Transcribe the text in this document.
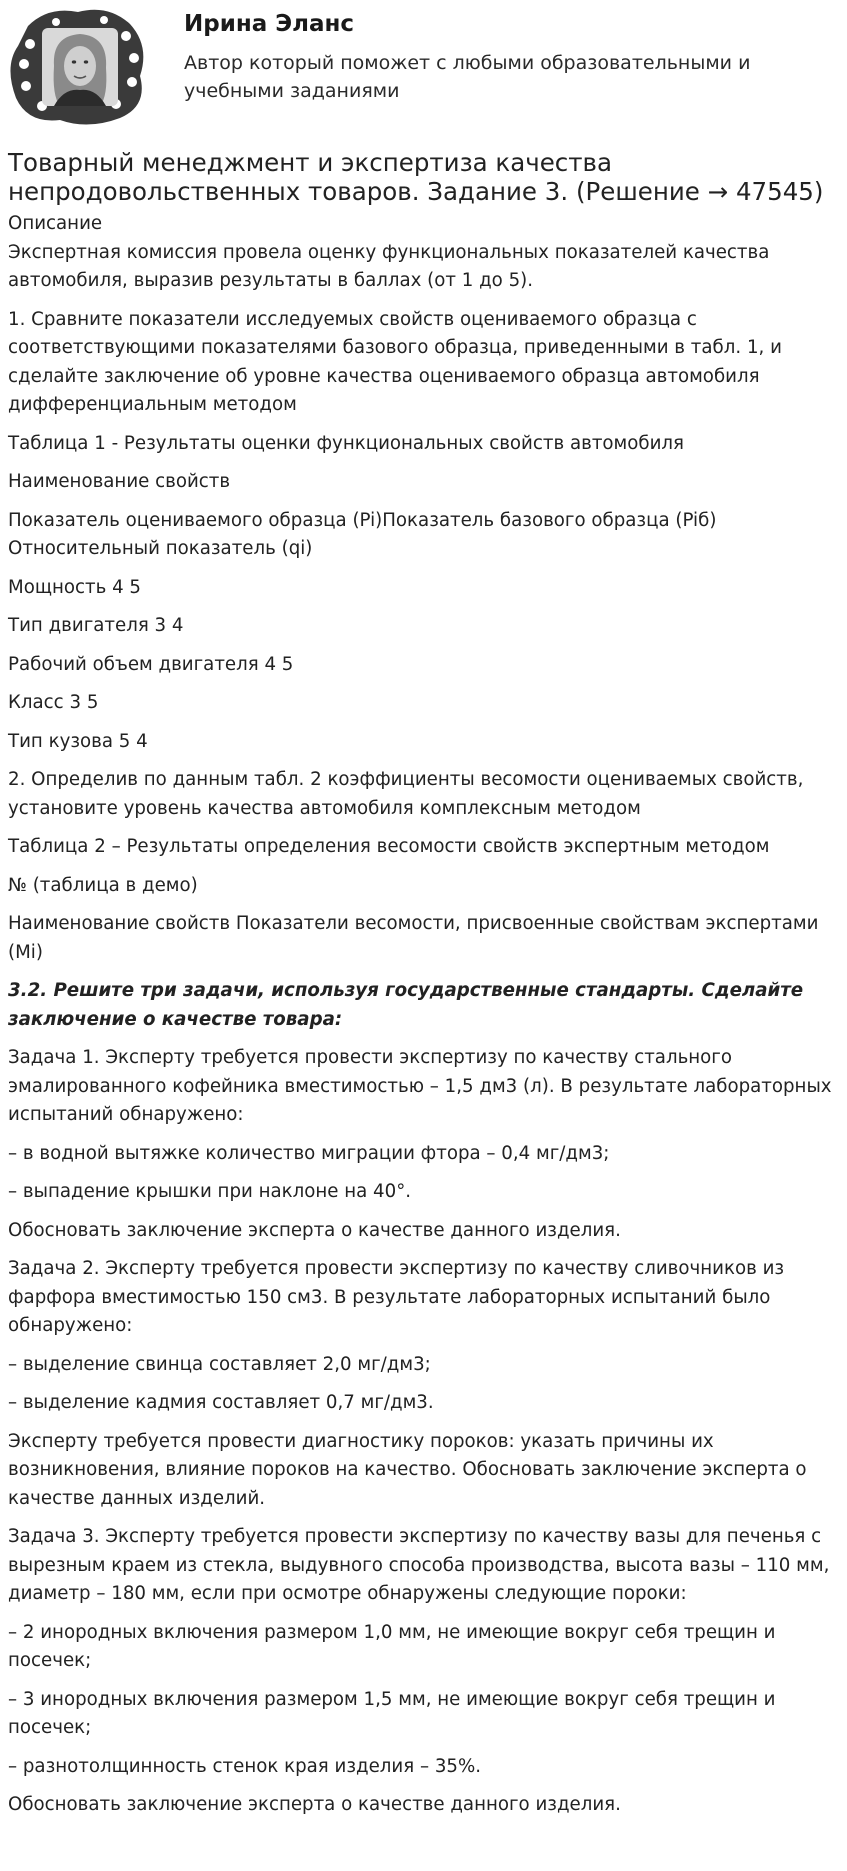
Ирина Эланс
Автор который поможет с любыми образовательными и учебными заданиями
Товарный менеджмент и экспертиза качества непродовольственных товаров. Задание 3. (Решение → 47545)
Описание
Экспертная комиссия провела оценку функциональных показателей качества автомобиля, выразив результаты в баллах (от 1 до 5).
1. Сравните показатели исследуемых свойств оцениваемого образца с соответствующими показателями базового образца, приведенными в табл. 1, и сделайте заключение об уровне качества оцениваемого образца автомобиля дифференциальным методом
Таблица 1 - Результаты оценки функциональных свойств автомобиля
Наименование свойств
Показатель оцениваемого образца (Pi)Показатель базового образца (Piб) Относительный показатель (qi)
Мощность 4 5
Тип двигателя 3 4
Рабочий объем двигателя 4 5
Класс 3 5
Тип кузова 5 4
2. Определив по данным табл. 2 коэффициенты весомости оцениваемых свойств, установите уровень качества автомобиля комплексным методом
Таблица 2 – Результаты определения весомости свойств экспертным методом
№ (таблица в демо)
Наименование свойств Показатели весомости, присвоенные свойствам экспертами (Mi)
3.2. Решите три задачи, используя государственные стандарты. Сделайте заключение о качестве товара:
Задача 1. Эксперту требуется провести экспертизу по качеству стального эмалированного кофейника вместимостью – 1,5 дм3 (л). В результате лабораторных испытаний обнаружено:
– в водной вытяжке количество миграции фтора – 0,4 мг/дм3;
– выпадение крышки при наклоне на 40°.
Обосновать заключение эксперта о качестве данного изделия.
Задача 2. Эксперту требуется провести экспертизу по качеству сливочников из фарфора вместимостью 150 см3. В результате лабораторных испытаний было обнаружено:
– выделение свинца составляет 2,0 мг/дм3;
– выделение кадмия составляет 0,7 мг/дм3.
Эксперту требуется провести диагностику пороков: указать причины их возникновения, влияние пороков на качество. Обосновать заключение эксперта о качестве данных изделий.
Задача 3. Эксперту требуется провести экспертизу по качеству вазы для печенья с вырезным краем из стекла, выдувного способа производства, высота вазы – 110 мм, диаметр – 180 мм, если при осмотре обнаружены следующие пороки:
– 2 инородных включения размером 1,0 мм, не имеющие вокруг себя трещин и посечек;
– 3 инородных включения размером 1,5 мм, не имеющие вокруг себя трещин и посечек;
– разнотолщинность стенок края изделия – 35%.
Обосновать заключение эксперта о качестве данного изделия.
